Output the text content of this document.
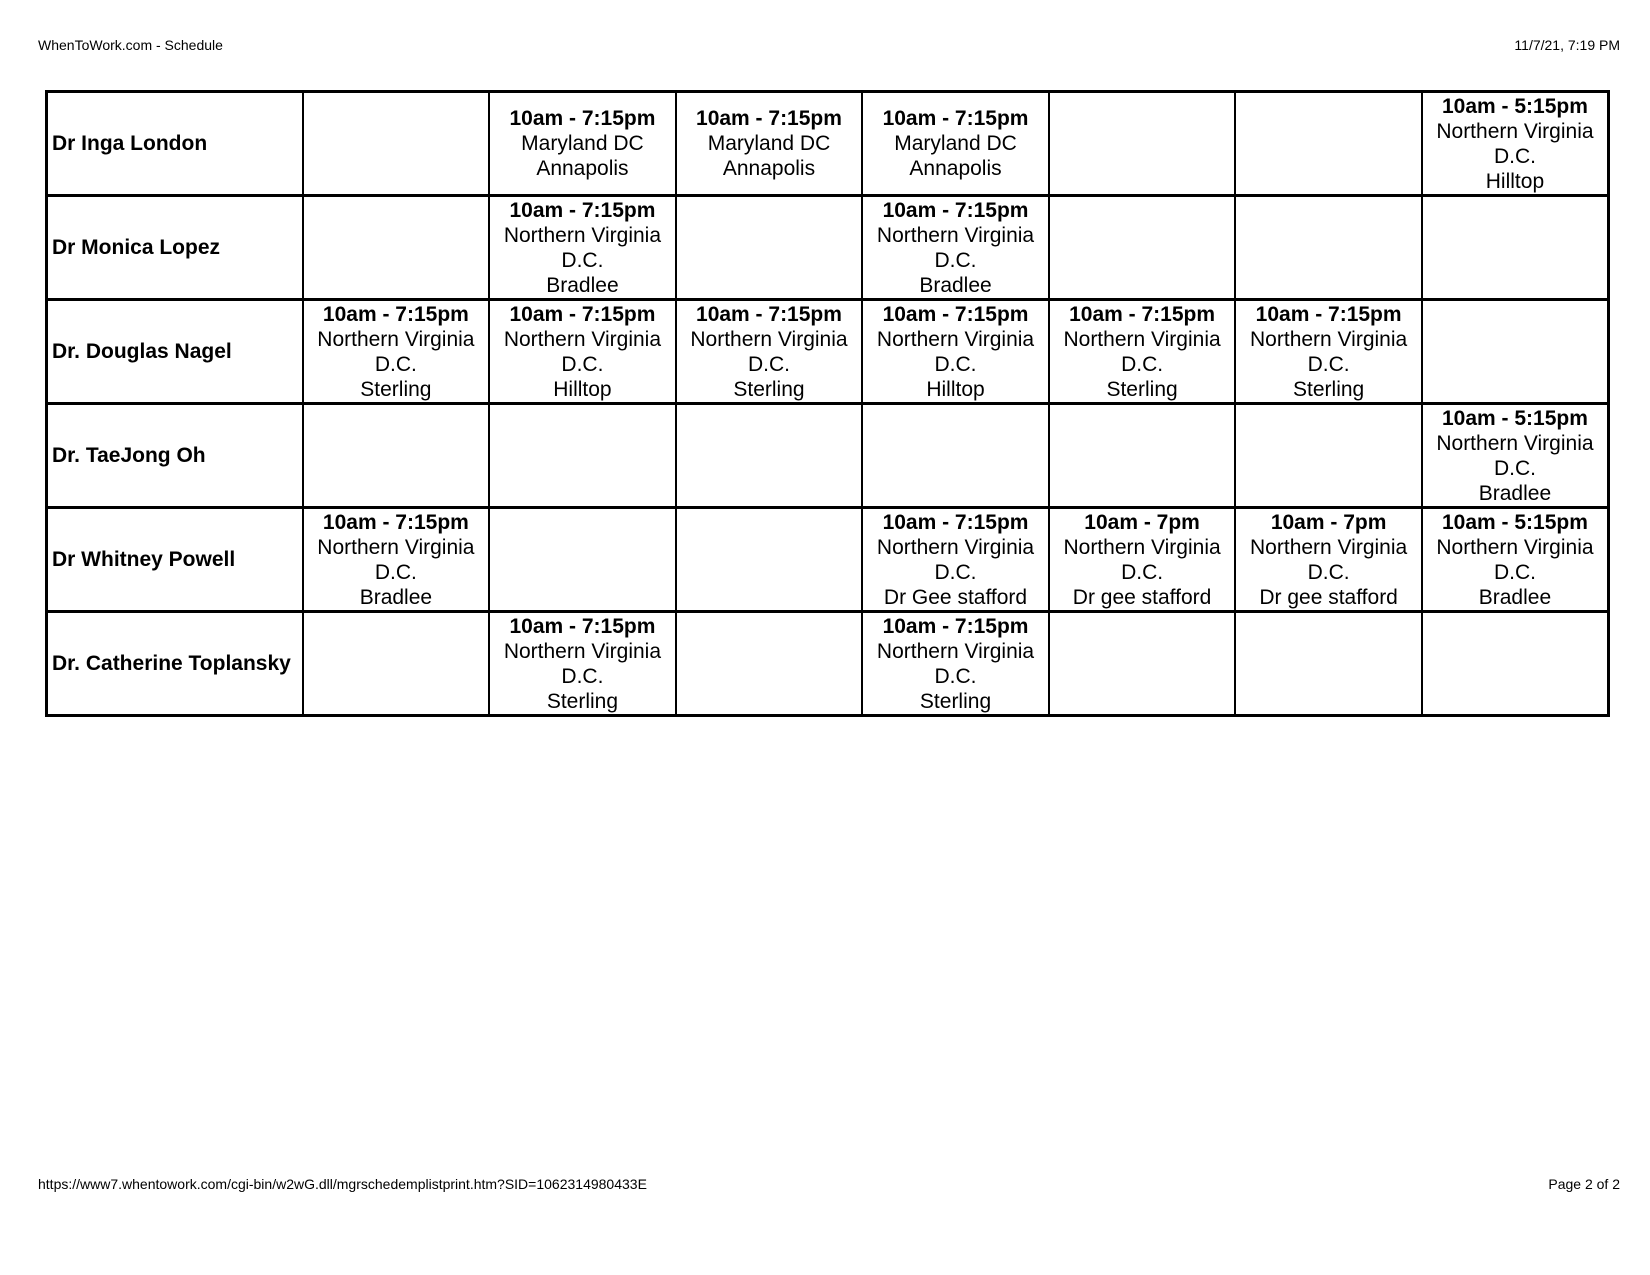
WhenToWork.com - Schedule	11/7/21, 7:19 PM
Dr Inga London		10am - 7:15pm
Maryland DC
Annapolis	10am - 7:15pm
Maryland DC
Annapolis	10am - 7:15pm
Maryland DC
Annapolis			10am - 5:15pm
Northern Virginia
D.C.
Hilltop

Dr Monica Lopez		10am - 7:15pm
Northern Virginia
D.C.
Bradlee		10am - 7:15pm
Northern Virginia
D.C.
Bradlee			

Dr. Douglas Nagel	10am - 7:15pm
Northern Virginia
D.C.
Sterling	10am - 7:15pm
Northern Virginia
D.C.
Hilltop	10am - 7:15pm
Northern Virginia
D.C.
Sterling	10am - 7:15pm
Northern Virginia
D.C.
Hilltop	10am - 7:15pm
Northern Virginia
D.C.
Sterling	10am - 7:15pm
Northern Virginia
D.C.
Sterling	

Dr. TaeJong Oh							10am - 5:15pm
Northern Virginia
D.C.
Bradlee

Dr Whitney Powell	10am - 7:15pm
Northern Virginia
D.C.
Bradlee			10am - 7:15pm
Northern Virginia
D.C.
Dr Gee stafford	10am - 7pm
Northern Virginia
D.C.
Dr gee stafford	10am - 7pm
Northern Virginia
D.C.
Dr gee stafford	10am - 5:15pm
Northern Virginia
D.C.
Bradlee

Dr. Catherine Toplansky		10am - 7:15pm
Northern Virginia
D.C.
Sterling		10am - 7:15pm
Northern Virginia
D.C.
Sterling			

https://www7.whentowork.com/cgi-bin/w2wG.dll/mgrschedemplistprint.htm?SID=1062314980433E	Page 2 of 2
